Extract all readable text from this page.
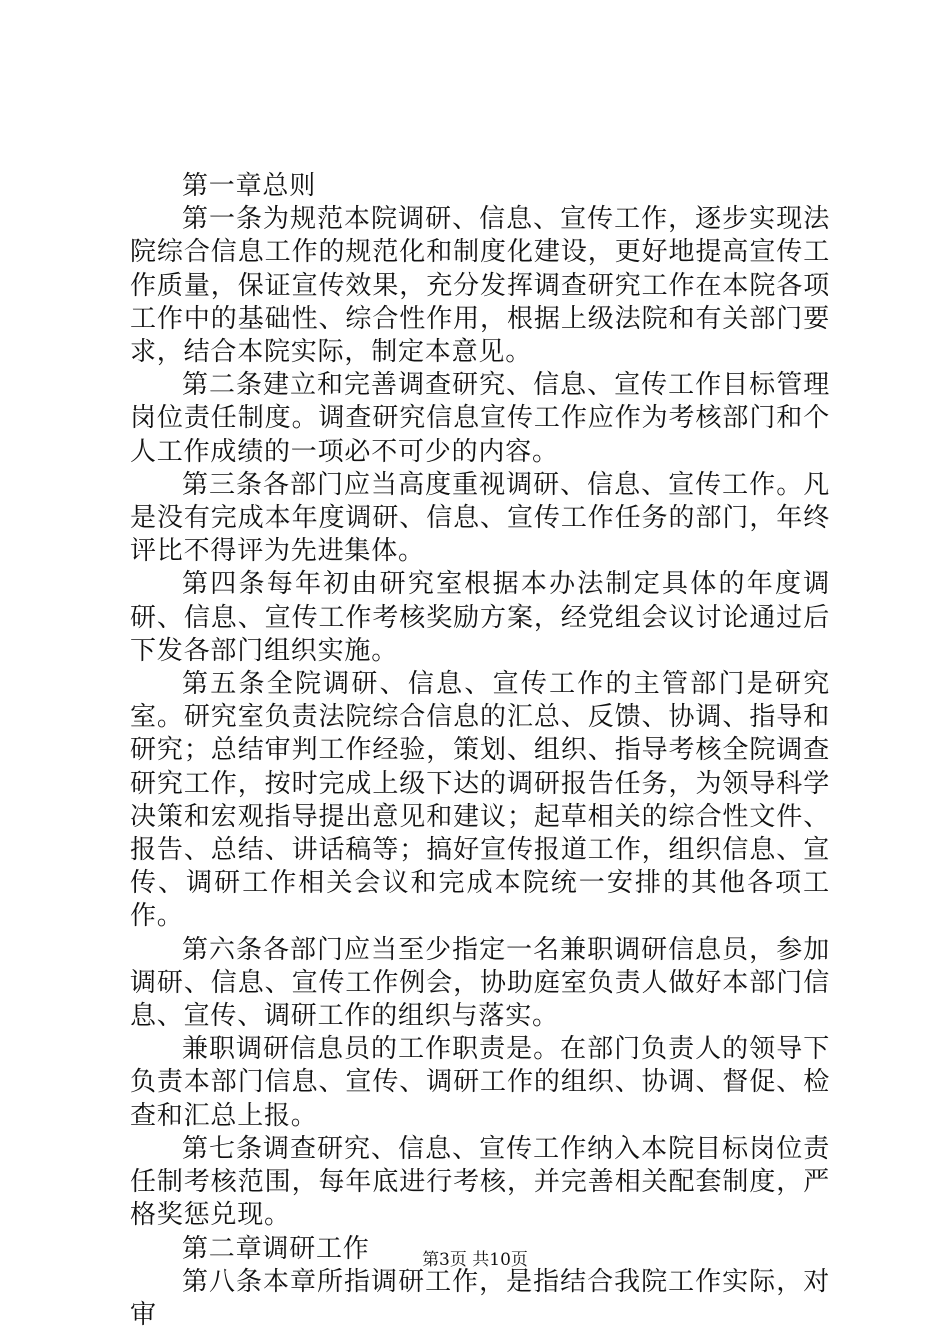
第一章总则

第一条为规范本院调研、信息、宣传工作，逐步实现法院综合信息工作的规范化和制度化建设，更好地提高宣传工作质量，保证宣传效果，充分发挥调查研究工作在本院各项工作中的基础性、综合性作用，根据上级法院和有关部门要求，结合本院实际，制定本意见。

第二条建立和完善调查研究、信息、宣传工作目标管理岗位责任制度。调查研究信息宣传工作应作为考核部门和个人工作成绩的一项必不可少的内容。

第三条各部门应当高度重视调研、信息、宣传工作。凡是没有完成本年度调研、信息、宣传工作任务的部门，年终评比不得评为先进集体。

第四条每年初由研究室根据本办法制定具体的年度调研、信息、宣传工作考核奖励方案，经党组会议讨论通过后下发各部门组织实施。

第五条全院调研、信息、宣传工作的主管部门是研究室。研究室负责法院综合信息的汇总、反馈、协调、指导和研究；总结审判工作经验，策划、组织、指导考核全院调查研究工作，按时完成上级下达的调研报告任务，为领导科学决策和宏观指导提出意见和建议；起草相关的综合性文件、报告、总结、讲话稿等；搞好宣传报道工作，组织信息、宣传、调研工作相关会议和完成本院统一安排的其他各项工作。

第六条各部门应当至少指定一名兼职调研信息员，参加调研、信息、宣传工作例会，协助庭室负责人做好本部门信息、宣传、调研工作的组织与落实。

兼职调研信息员的工作职责是。在部门负责人的领导下负责本部门信息、宣传、调研工作的组织、协调、督促、检查和汇总上报。

第七条调查研究、信息、宣传工作纳入本院目标岗位责任制考核范围，每年底进行考核，并完善相关配套制度，严格奖惩兑现。

第二章调研工作

第八条本章所指调研工作，是指结合我院工作实际，对审

第3页 共10页
